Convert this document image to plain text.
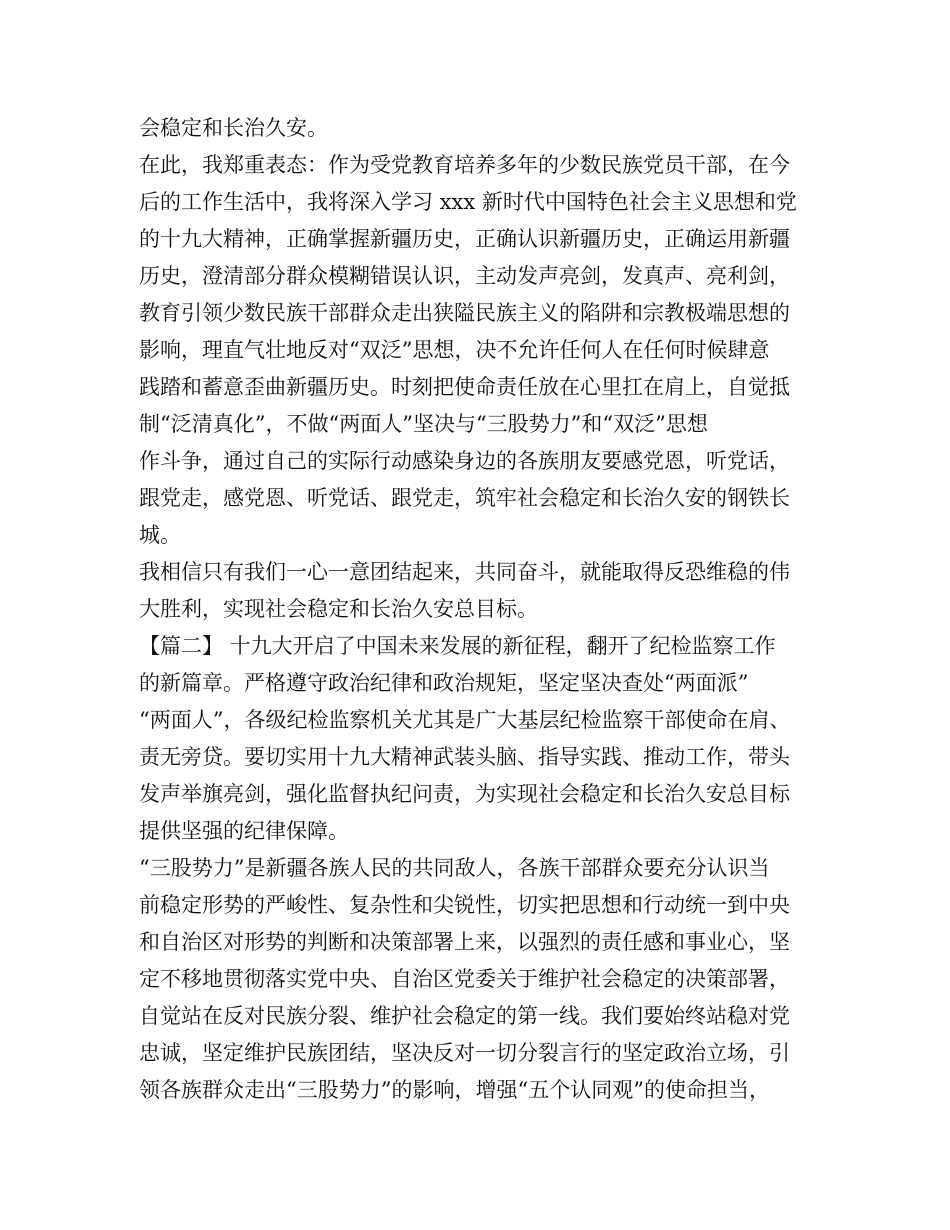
会稳定和长治久安。
在此，我郑重表态：作为受党教育培养多年的少数民族党员干部，在今
后的工作生活中，我将深入学习 xxx 新时代中国特色社会主义思想和党
的十九大精神，正确掌握新疆历史，正确认识新疆历史，正确运用新疆
历史，澄清部分群众模糊错误认识，主动发声亮剑，发真声、亮利剑，
教育引领少数民族干部群众走出狭隘民族主义的陷阱和宗教极端思想的
影响，理直气壮地反对“双泛”思想，决不允许任何人在任何时候肆意
践踏和蓄意歪曲新疆历史。时刻把使命责任放在心里扛在肩上，自觉抵
制“泛清真化”，不做“两面人”坚决与“三股势力”和“双泛”思想
作斗争，通过自己的实际行动感染身边的各族朋友要感党恩，听党话，
跟党走，感党恩、听党话、跟党走，筑牢社会稳定和长治久安的钢铁长
城。
我相信只有我们一心一意团结起来，共同奋斗，就能取得反恐维稳的伟
大胜利，实现社会稳定和长治久安总目标。
【篇二】 十九大开启了中国未来发展的新征程，翻开了纪检监察工作
的新篇章。严格遵守政治纪律和政治规矩，坚定坚决查处“两面派”
“两面人”，各级纪检监察机关尤其是广大基层纪检监察干部使命在肩、
责无旁贷。要切实用十九大精神武装头脑、指导实践、推动工作，带头
发声举旗亮剑，强化监督执纪问责，为实现社会稳定和长治久安总目标
提供坚强的纪律保障。
“三股势力”是新疆各族人民的共同敌人，各族干部群众要充分认识当
前稳定形势的严峻性、复杂性和尖锐性，切实把思想和行动统一到中央
和自治区对形势的判断和决策部署上来，以强烈的责任感和事业心，坚
定不移地贯彻落实党中央、自治区党委关于维护社会稳定的决策部署，
自觉站在反对民族分裂、维护社会稳定的第一线。我们要始终站稳对党
忠诚，坚定维护民族团结，坚决反对一切分裂言行的坚定政治立场，引
领各族群众走出“三股势力”的影响，增强“五个认同观”的使命担当，
